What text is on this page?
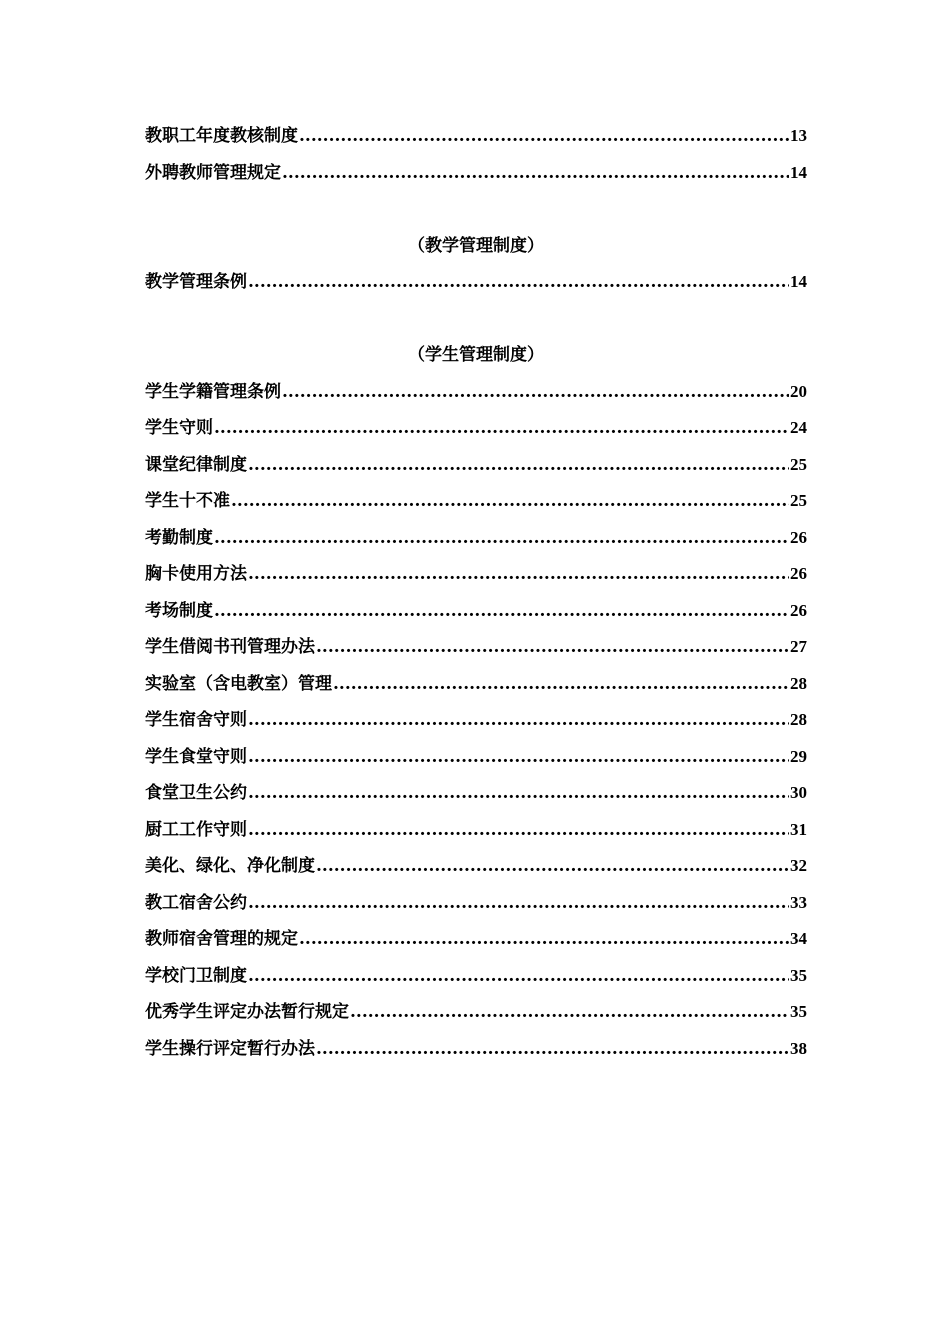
教职工年度教核制度 .....	13
外聘教师管理规定 .....	14
（教学管理制度）
教学管理条例 .....	14
（学生管理制度）
学生学籍管理条例 .....	20
学生守则 .....	24
课堂纪律制度 .....	25
学生十不准 .....	25
考勤制度 .....	26
胸卡使用方法 .....	26
考场制度 .....	26
学生借阅书刊管理办法 .....	27
实验室（含电教室）管理 .....	28
学生宿舍守则 .....	28
学生食堂守则 .....	29
食堂卫生公约 .....	30
厨工工作守则 .....	31
美化、绿化、净化制度 .....	32
教工宿舍公约 .....	33
教师宿舍管理的规定 .....	34
学校门卫制度 .....	35
优秀学生评定办法暂行规定 .....	35
学生操行评定暂行办法 .....	38
